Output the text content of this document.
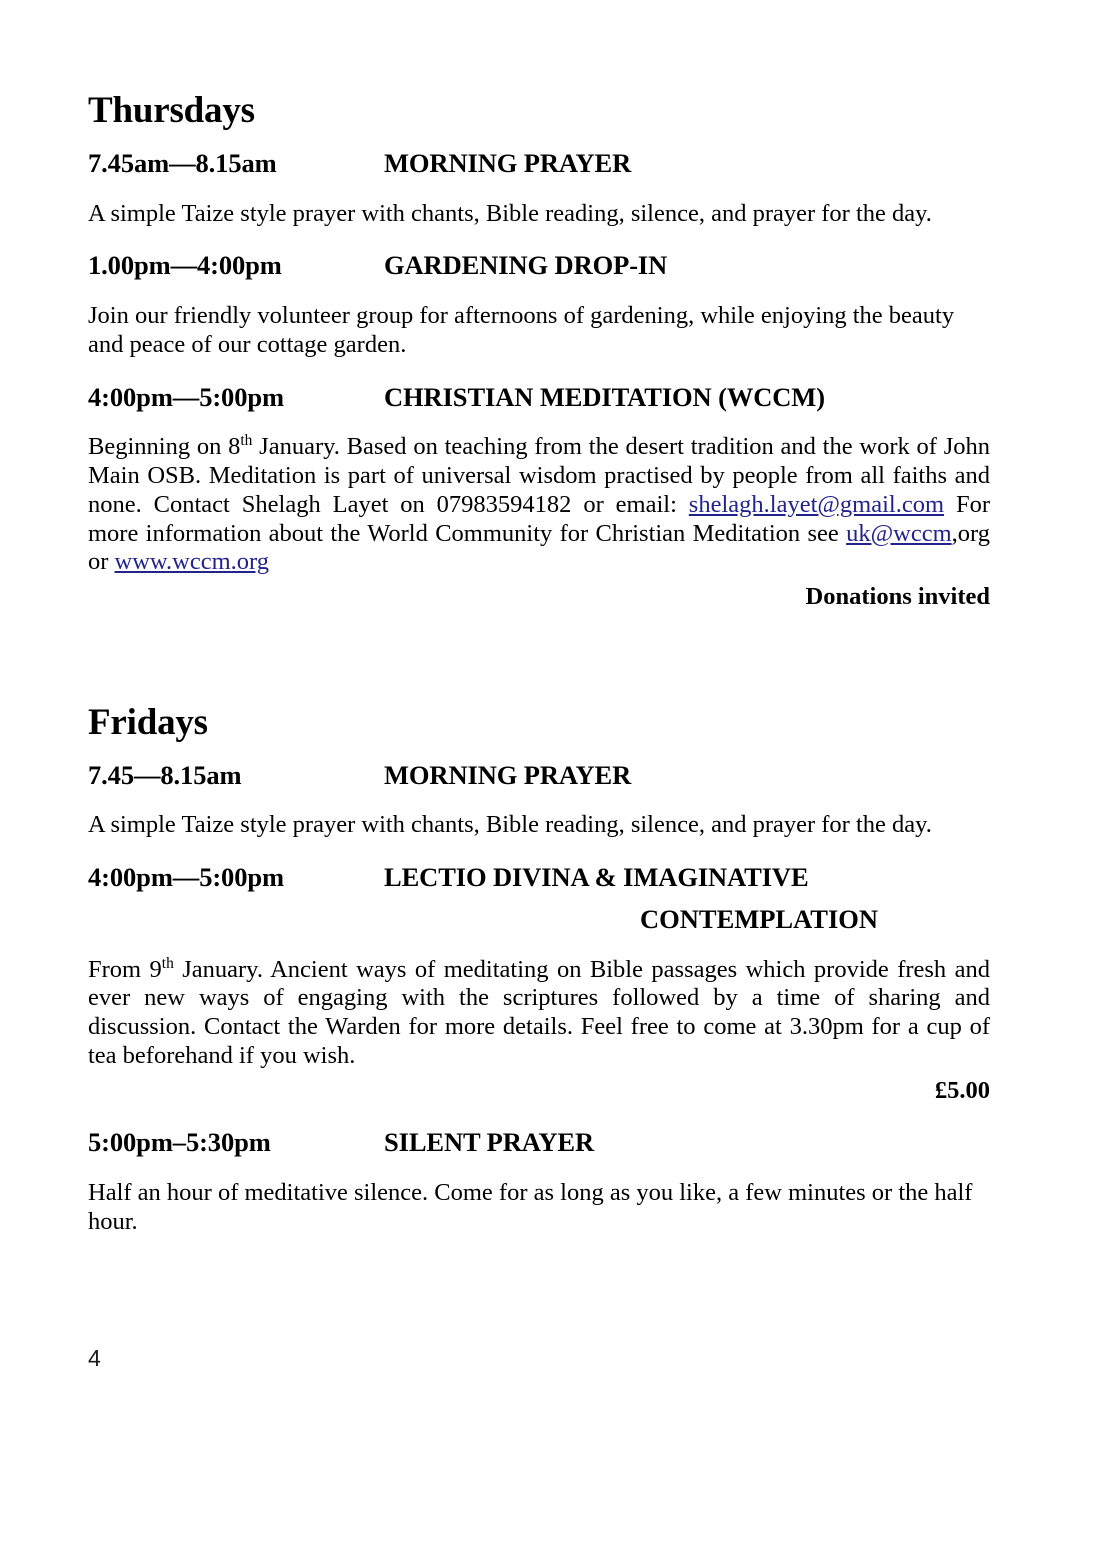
Thursdays
7.45am—8.15am	MORNING PRAYER
A simple Taize style prayer with chants, Bible reading, silence, and prayer for the day.
1.00pm—4:00pm	GARDENING DROP-IN
Join our friendly volunteer group for afternoons of gardening, while enjoying the beauty and peace of our cottage garden.
4:00pm—5:00pm	CHRISTIAN MEDITATION (WCCM)
Beginning on 8th January. Based on teaching from the desert tradition and the work of John Main OSB. Meditation is part of universal wisdom practised by people from all faiths and none. Contact Shelagh Layet on 07983594182 or email: shelagh.layet@gmail.com For more information about the World Community for Christian Meditation see uk@wccm,org or www.wccm.org
Donations invited
Fridays
7.45—8.15am	MORNING PRAYER
A simple Taize style prayer with chants, Bible reading, silence, and prayer for the day.
4:00pm—5:00pm	LECTIO DIVINA & IMAGINATIVE
CONTEMPLATION
From 9th January. Ancient ways of meditating on Bible passages which provide fresh and ever new ways of engaging with the scriptures followed by a time of sharing and discussion. Contact the Warden for more details. Feel free to come at 3.30pm for a cup of tea beforehand if you wish.
£5.00
5:00pm–5:30pm	SILENT PRAYER
Half an hour of meditative silence. Come for as long as you like, a few minutes or the half hour.
4
